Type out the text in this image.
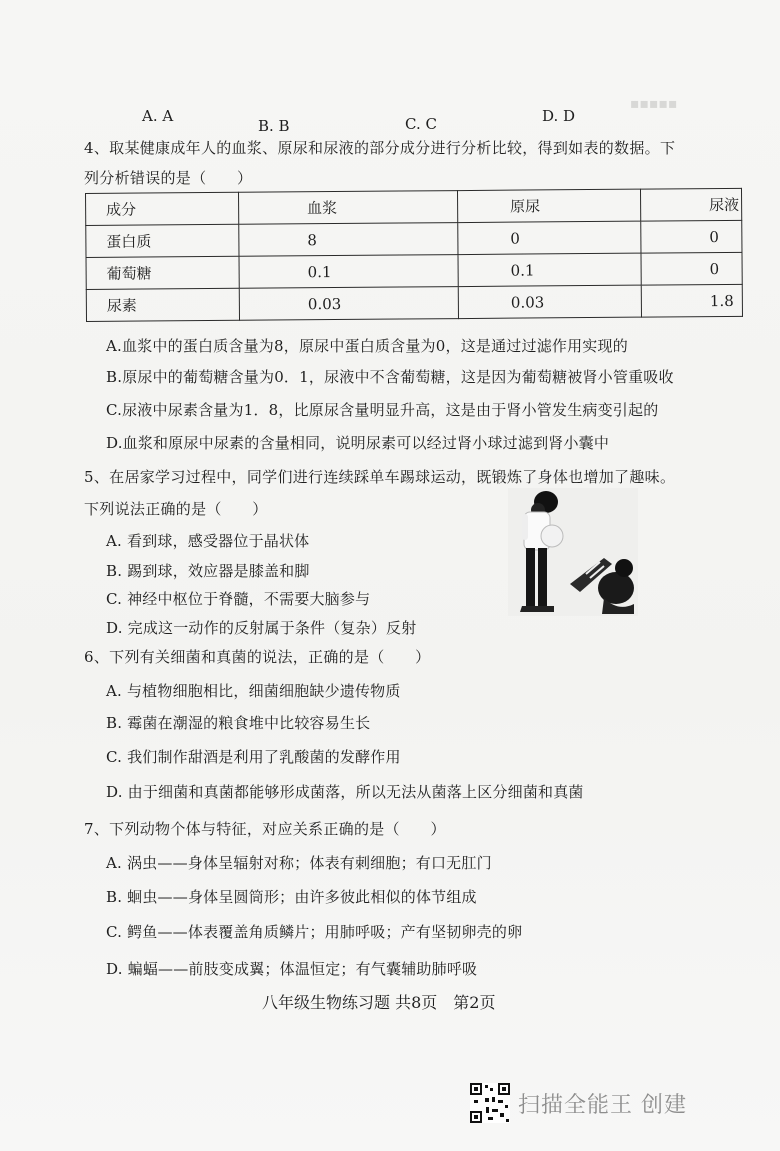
▪▪▪▪▪
A. A
B. B	C. C	D. D
4、取某健康成年人的血浆、原尿和尿液的部分成分进行分析比较，得到如表的数据。下
列分析错误的是（　　）
成分	血浆	原尿	尿液
蛋白质	8	0	0
葡萄糖	0.1	0.1	0
尿素	0.03	0.03	1.8
A.血浆中的蛋白质含量为8，原尿中蛋白质含量为0，这是通过过滤作用实现的
B.原尿中的葡萄糖含量为0．1，尿液中不含葡萄糖，这是因为葡萄糖被肾小管重吸收
C.尿液中尿素含量为1．8，比原尿含量明显升高，这是由于肾小管发生病变引起的
D.血浆和原尿中尿素的含量相同，说明尿素可以经过肾小球过滤到肾小囊中
5、在居家学习过程中，同学们进行连续踩单车踢球运动，既锻炼了身体也增加了趣味。
下列说法正确的是（　　）
A. 看到球，感受器位于晶状体
B. 踢到球，效应器是膝盖和脚
C. 神经中枢位于脊髓，不需要大脑参与
D. 完成这一动作的反射属于条件（复杂）反射
6、下列有关细菌和真菌的说法，正确的是（　　）
A. 与植物细胞相比，细菌细胞缺少遗传物质
B. 霉菌在潮湿的粮食堆中比较容易生长
C. 我们制作甜酒是利用了乳酸菌的发酵作用
D. 由于细菌和真菌都能够形成菌落，所以无法从菌落上区分细菌和真菌
7、下列动物个体与特征，对应关系正确的是（　　）
A. 涡虫——身体呈辐射对称；体表有刺细胞；有口无肛门
B. 蛔虫——身体呈圆筒形；由许多彼此相似的体节组成
C. 鳄鱼——体表覆盖角质鳞片；用肺呼吸；产有坚韧卵壳的卵
D. 蝙蝠——前肢变成翼；体温恒定；有气囊辅助肺呼吸
八年级生物练习题 共8页　第2页
扫描全能王 创建
